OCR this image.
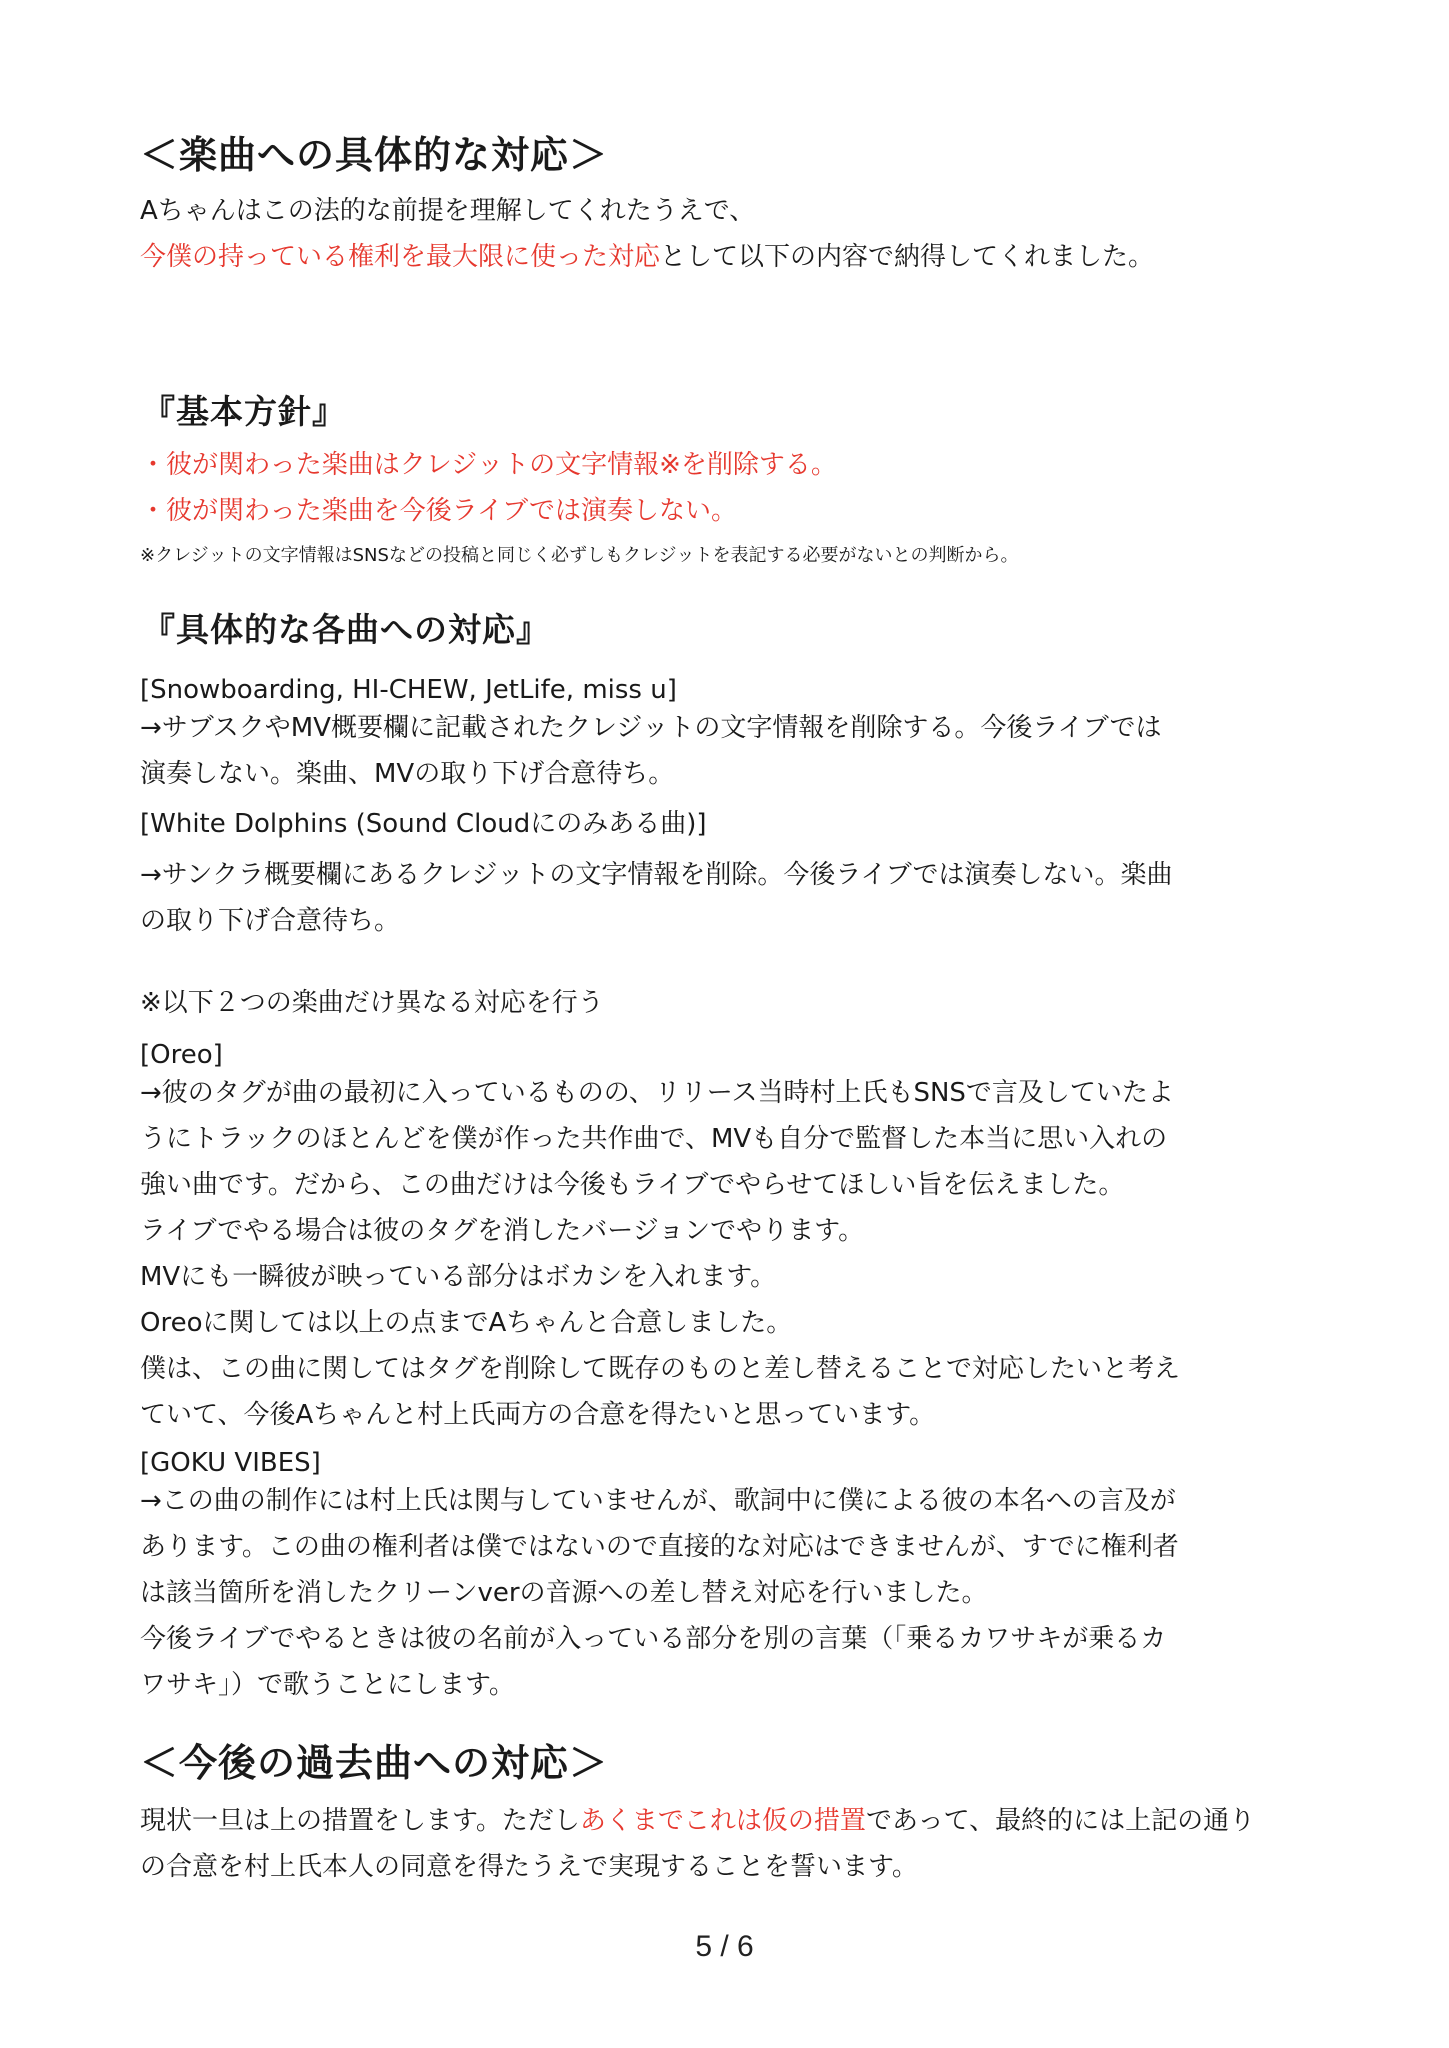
＜楽曲への具体的な対応＞
Aちゃんはこの法的な前提を理解してくれたうえで、
今僕の持っている権利を最大限に使った対応として以下の内容で納得してくれました。
『基本方針』
・彼が関わった楽曲はクレジットの文字情報※を削除する。
・彼が関わった楽曲を今後ライブでは演奏しない。
※クレジットの文字情報はSNSなどの投稿と同じく必ずしもクレジットを表記する必要がないとの判断から。
『具体的な各曲への対応』
[Snowboarding, HI-CHEW, JetLife, miss u]
→サブスクやMV概要欄に記載されたクレジットの文字情報を削除する。今後ライブでは
演奏しない。楽曲、MVの取り下げ合意待ち。
[White Dolphins (Sound Cloudにのみある曲)]
→サンクラ概要欄にあるクレジットの文字情報を削除。今後ライブでは演奏しない。楽曲
の取り下げ合意待ち。
※以下２つの楽曲だけ異なる対応を行う
[Oreo]
→彼のタグが曲の最初に入っているものの、リリース当時村上氏もSNSで言及していたよ
うにトラックのほとんどを僕が作った共作曲で、MVも自分で監督した本当に思い入れの
強い曲です。だから、この曲だけは今後もライブでやらせてほしい旨を伝えました。
ライブでやる場合は彼のタグを消したバージョンでやります。
MVにも一瞬彼が映っている部分はボカシを入れます。
Oreoに関しては以上の点までAちゃんと合意しました。
僕は、この曲に関してはタグを削除して既存のものと差し替えることで対応したいと考え
ていて、今後Aちゃんと村上氏両方の合意を得たいと思っています。
[GOKU VIBES]
→この曲の制作には村上氏は関与していませんが、歌詞中に僕による彼の本名への言及が
あります。この曲の権利者は僕ではないので直接的な対応はできませんが、すでに権利者
は該当箇所を消したクリーンverの音源への差し替え対応を行いました。
今後ライブでやるときは彼の名前が入っている部分を別の言葉（「乗るカワサキが乗るカ
ワサキ」）で歌うことにします。
＜今後の過去曲への対応＞
現状一旦は上の措置をします。ただしあくまでこれは仮の措置であって、最終的には上記の通り
の合意を村上氏本人の同意を得たうえで実現することを誓います。
5 / 6
